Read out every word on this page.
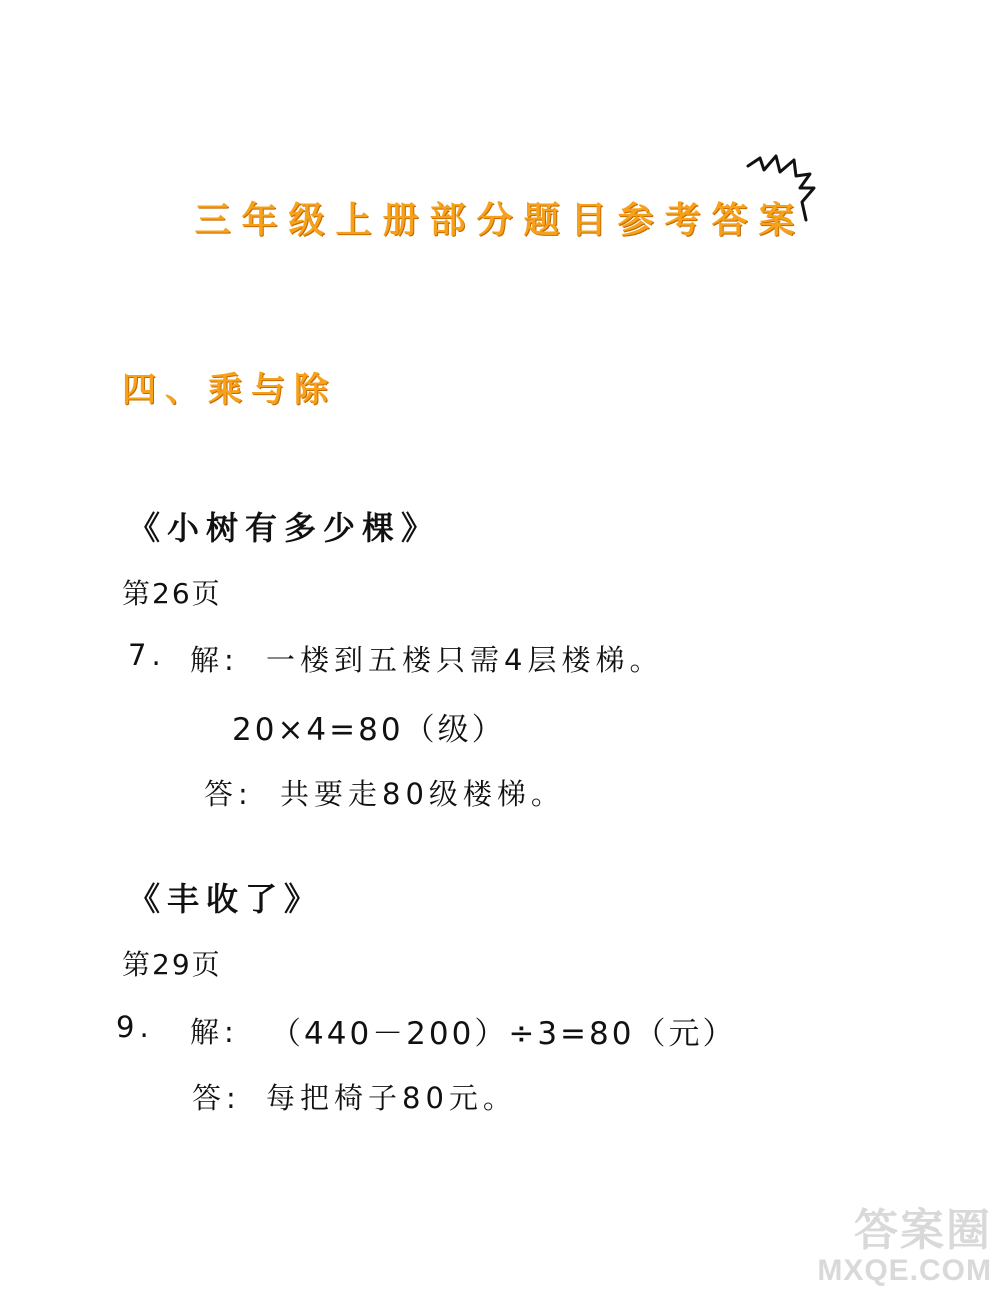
三年级上册部分题目参考答案
四、乘与除
《小树有多少棵》
第26页
7. 解: 一楼到五楼只需4层楼梯。
20×4=80（级）
答: 共要走80级楼梯。
《丰收了》
第29页
9. 解: （440－200）÷3=80（元）
答: 每把椅子80元。
答案圈
MXQE.COM
